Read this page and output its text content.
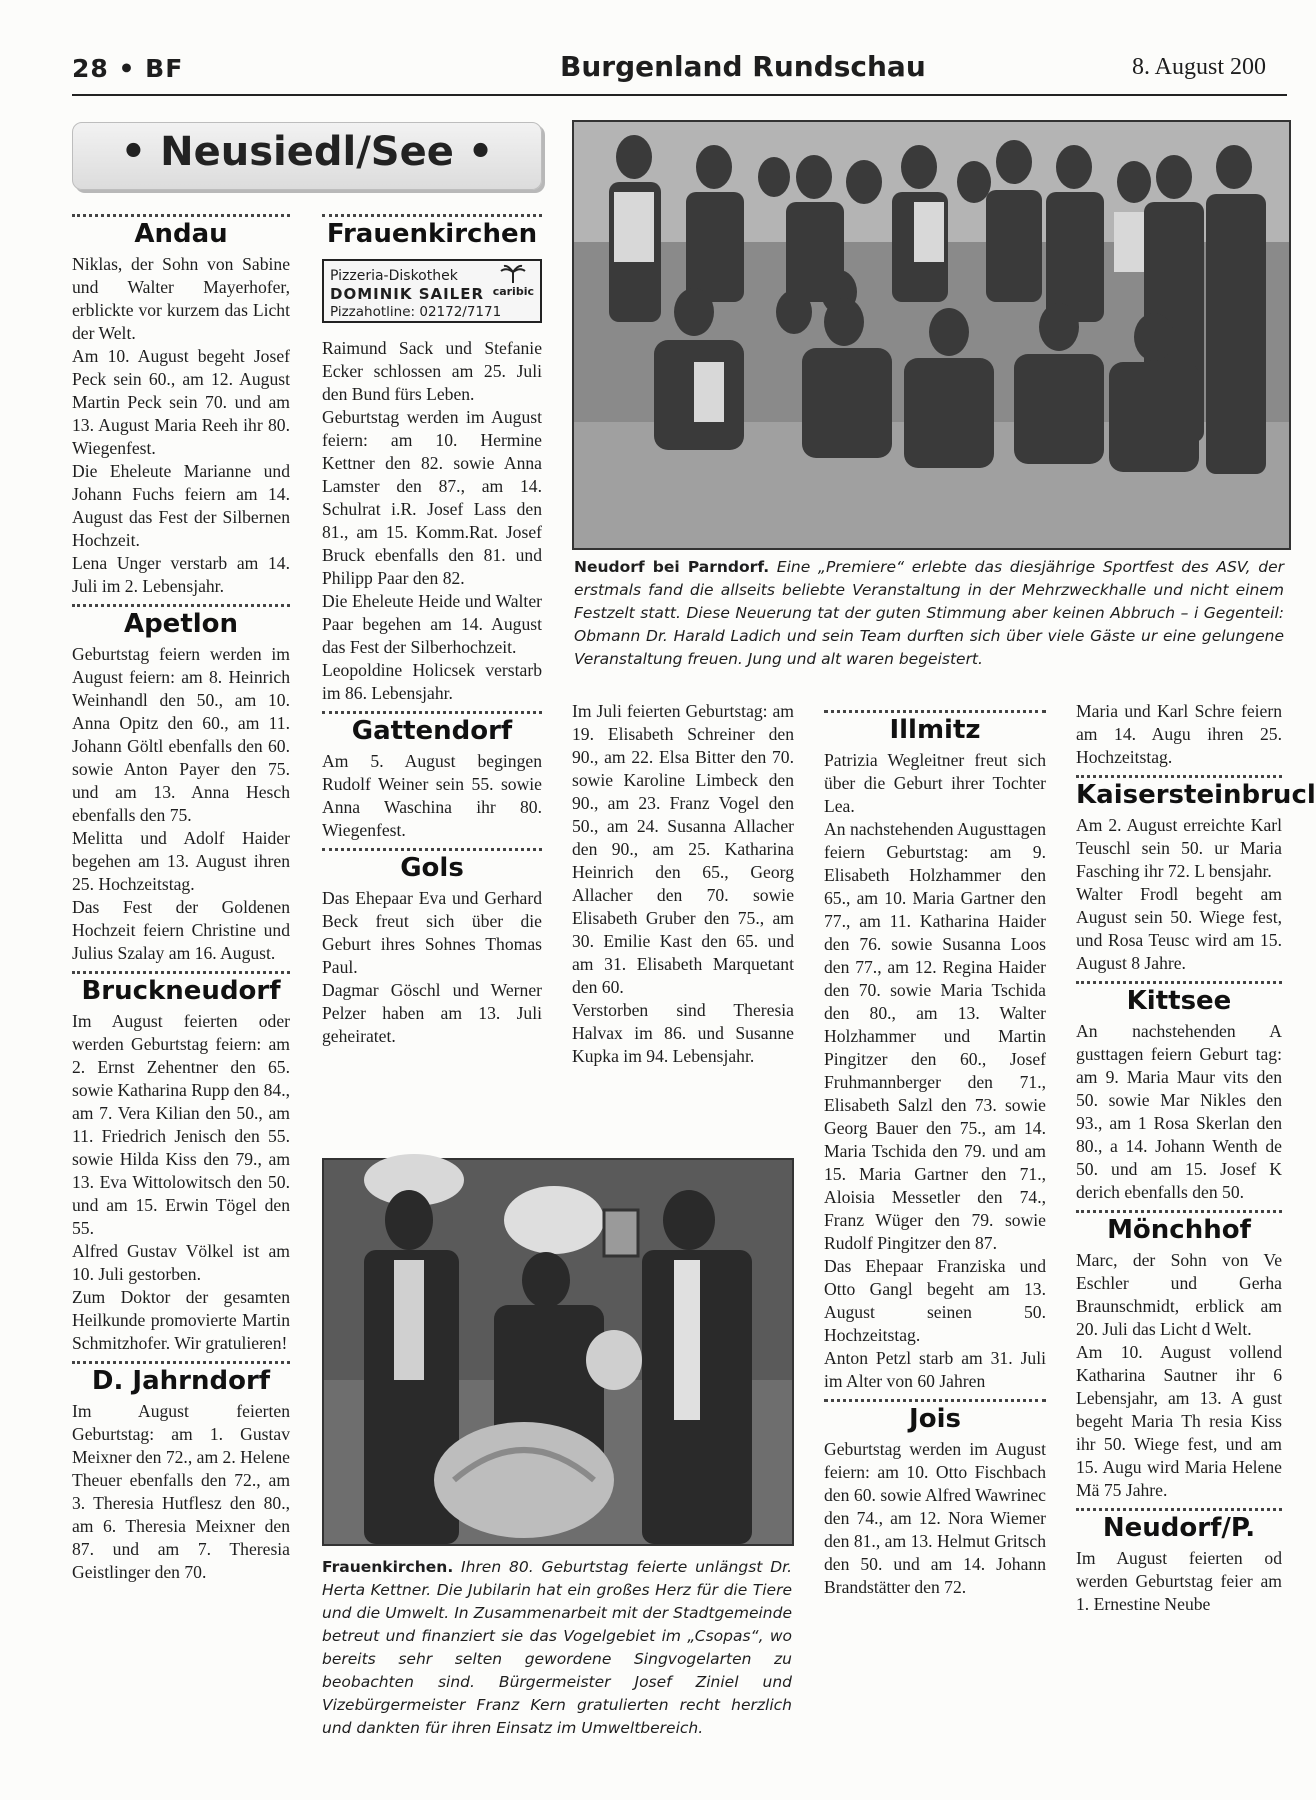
28 • BF	Burgenland Rundschau	8. August 200
• Neusiedl/See •
Andau

Niklas, der Sohn von Sabine und Walter Mayerhofer, erblickte vor kurzem das Licht der Welt.

Am 10. August begeht Josef Peck sein 60., am 12. August Martin Peck sein 70. und am 13. August Maria Reeh ihr 80. Wiegenfest.

Die Eheleute Marianne und Johann Fuchs feiern am 14. August das Fest der Silbernen Hochzeit.

Lena Unger verstarb am 14. Juli im 2. Lebensjahr.

Apetlon

Geburtstag feiern werden im August feiern: am 8. Heinrich Weinhandl den 50., am 10. Anna Opitz den 60., am 11. Johann Göltl ebenfalls den 60. sowie Anton Payer den 75. und am 13. Anna Hesch ebenfalls den 75.

Melitta und Adolf Haider begehen am 13. August ihren 25. Hochzeitstag.

Das Fest der Goldenen Hochzeit feiern Christine und Julius Szalay am 16. August.

Bruckneudorf

Im August feierten oder werden Geburtstag feiern: am 2. Ernst Zehentner den 65. sowie Katharina Rupp den 84., am 7. Vera Kilian den 50., am 11. Friedrich Jenisch den 55. sowie Hilda Kiss den 79., am 13. Eva Wittolowitsch den 50. und am 15. Erwin Tögel den 55.

Alfred Gustav Völkel ist am 10. Juli gestorben.

Zum Doktor der gesamten Heilkunde promovierte Martin Schmitzhofer. Wir gratulieren!

D. Jahrndorf

Im August feierten Geburtstag: am 1. Gustav Meixner den 72., am 2. Helene Theuer ebenfalls den 72., am 3. Theresia Hutflesz den 80., am 6. Theresia Meixner den 87. und am 7. Theresia Geistlinger den 70.

Frauenkirchen
Pizzeria-Diskothek
DOMINIK SAILER
Pizzahotline: 02172/7171
caribic

Raimund Sack und Stefanie Ecker schlossen am 25. Juli den Bund fürs Leben.

Geburtstag werden im August feiern: am 10. Hermine Kettner den 82. sowie Anna Lamster den 87., am 14. Schulrat i.R. Josef Lass den 81., am 15. Komm.Rat. Josef Bruck ebenfalls den 81. und Philipp Paar den 82.

Die Eheleute Heide und Walter Paar begehen am 14. August das Fest der Silberhochzeit.

Leopoldine Holicsek verstarb im 86. Lebensjahr.

Gattendorf

Am 5. August begingen Rudolf Weiner sein 55. sowie Anna Waschina ihr 80. Wiegenfest.

Gols

Das Ehepaar Eva und Gerhard Beck freut sich über die Geburt ihres Sohnes Thomas Paul.

Dagmar Göschl und Werner Pelzer haben am 13. Juli geheiratet.

Neudorf bei Parndorf. Eine „Premiere“ erlebte das diesjährige Sportfest des ASV, der erstmals fand die allseits beliebte Veranstaltung in der Mehrzweckhalle und nicht einem Festzelt statt. Diese Neuerung tat der guten Stimmung aber keinen Abbruch – i Gegenteil: Obmann Dr. Harald Ladich und sein Team durften sich über viele Gäste ur eine gelungene Veranstaltung freuen. Jung und alt waren begeistert.

Im Juli feierten Geburtstag: am 19. Elisabeth Schreiner den 90., am 22. Elsa Bitter den 70. sowie Karoline Limbeck den 90., am 23. Franz Vogel den 50., am 24. Susanna Allacher den 90., am 25. Katharina Heinrich den 65., Georg Allacher den 70. sowie Elisabeth Gruber den 75., am 30. Emilie Kast den 65. und am 31. Elisabeth Marquetant den 60.

Verstorben sind Theresia Halvax im 86. und Susanne Kupka im 94. Lebensjahr.

Illmitz

Patrizia Wegleitner freut sich über die Geburt ihrer Tochter Lea.

An nachstehenden Augusttagen feiern Geburtstag: am 9. Elisabeth Holzhammer den 65., am 10. Maria Gartner den 77., am 11. Katharina Haider den 76. sowie Susanna Loos den 77., am 12. Regina Haider den 70. sowie Maria Tschida den 80., am 13. Walter Holzhammer und Martin Pingitzer den 60., Josef Fruhmannberger den 71., Elisabeth Salzl den 73. sowie Georg Bauer den 75., am 14. Maria Tschida den 79. und am 15. Maria Gartner den 71., Aloisia Messetler den 74., Franz Wüger den 79. sowie Rudolf Pingitzer den 87.

Das Ehepaar Franziska und Otto Gangl begeht am 13. August seinen 50. Hochzeitstag.

Anton Petzl starb am 31. Juli im Alter von 60 Jahren

Jois

Geburtstag werden im August feiern: am 10. Otto Fischbach den 60. sowie Alfred Wawrinec den 74., am 12. Nora Wiemer den 81., am 13. Helmut Gritsch den 50. und am 14. Johann Brandstätter den 72.

Maria und Karl Schre feiern am 14. Augu ihren 25. Hochzeitstag.

Kaisersteinbrucl

Am 2. August erreichte Karl Teuschl sein 50. ur Maria Fasching ihr 72. L bensjahr.

Walter Frodl begeht am August sein 50. Wiege fest, und Rosa Teusc wird am 15. August 8 Jahre.

Kittsee

An nachstehenden A gusttagen feiern Geburt tag: am 9. Maria Maur vits den 50. sowie Mar Nikles den 93., am 1 Rosa Skerlan den 80., a 14. Johann Wenth de 50. und am 15. Josef K derich ebenfalls den 50.

Mönchhof

Marc, der Sohn von Ve Eschler und Gerha Braunschmidt, erblick am 20. Juli das Licht d Welt.

Am 10. August vollend Katharina Sautner ihr 6 Lebensjahr, am 13. A gust begeht Maria Th resia Kiss ihr 50. Wiege fest, und am 15. Augu wird Maria Helene Mä 75 Jahre.

Neudorf/P.

Im August feierten od werden Geburtstag feier am 1. Ernestine Neube

Frauenkirchen. Ihren 80. Geburtstag feierte unlängst Dr. Herta Kettner. Die Jubilarin hat ein großes Herz für die Tiere und die Umwelt. In Zusammenarbeit mit der Stadtgemeinde betreut und finanziert sie das Vogelgebiet im „Csopas“, wo bereits sehr selten gewordene Singvogelarten zu beobachten sind. Bürgermeister Josef Ziniel und Vizebürgermeister Franz Kern gratulierten recht herzlich und dankten für ihren Einsatz im Umweltbereich.
